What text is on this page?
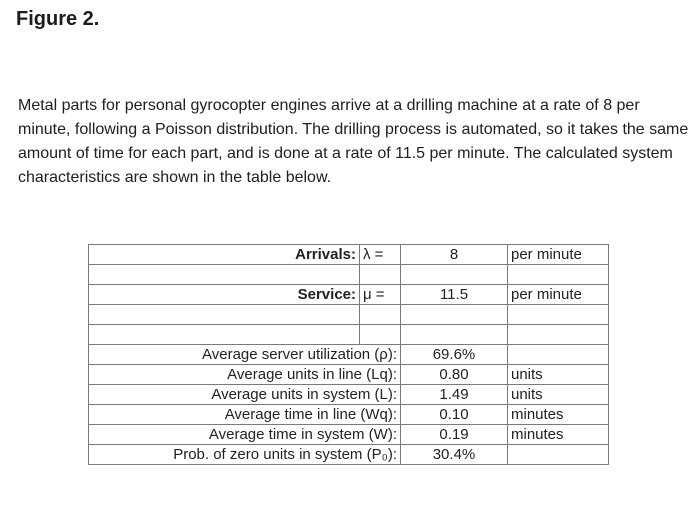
Figure 2.
Metal parts for personal gyrocopter engines arrive at a drilling machine at a rate of 8 per minute, following a Poisson distribution. The drilling process is automated, so it takes the same amount of time for each part, and is done at a rate of 11.5 per minute. The calculated system characteristics are shown in the table below.
Arrivals:	λ =	8	per minute

Service:	μ =	11.5	per minute

Average server utilization (ρ):		69.6%	
Average units in line (Lq):		0.80	units
Average units in system (L):		1.49	units
Average time in line (Wq):		0.10	minutes
Average time in system (W):		0.19	minutes
Prob. of zero units in system (P₀):		30.4%	
